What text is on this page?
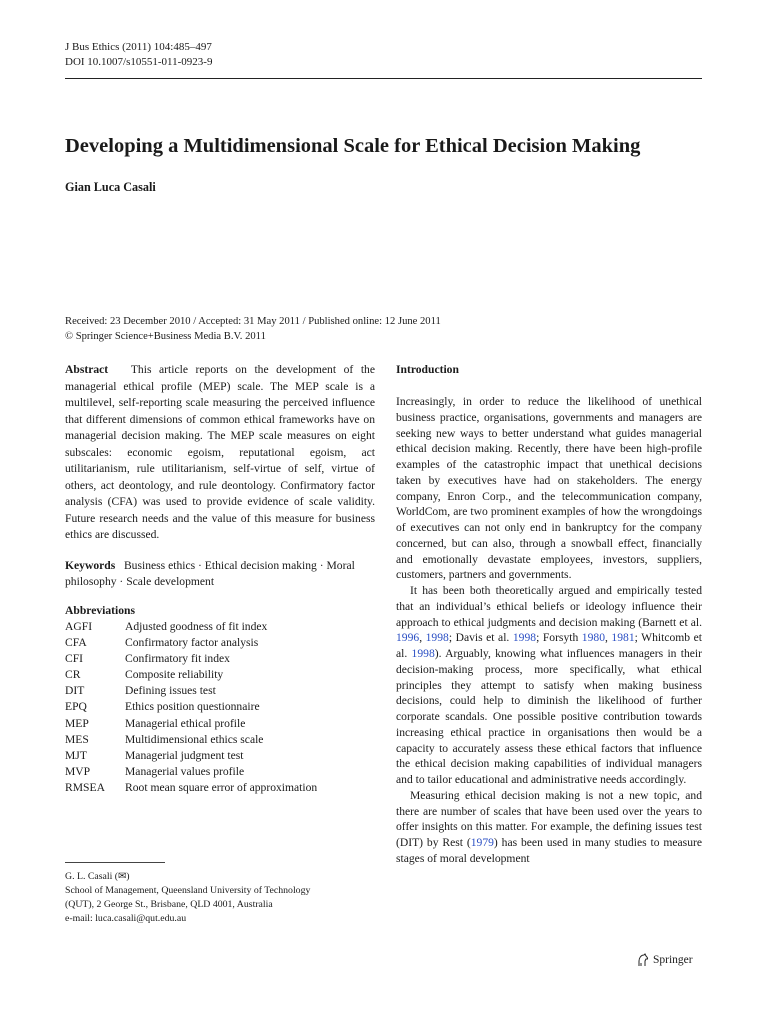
J Bus Ethics (2011) 104:485–497
DOI 10.1007/s10551-011-0923-9
Developing a Multidimensional Scale for Ethical Decision Making
Gian Luca Casali
Received: 23 December 2010 / Accepted: 31 May 2011 / Published online: 12 June 2011
© Springer Science+Business Media B.V. 2011

Abstract This article reports on the development of the managerial ethical profile (MEP) scale. The MEP scale is a multilevel, self-reporting scale measuring the perceived influence that different dimensions of common ethical frameworks have on managerial decision making. The MEP scale measures on eight subscales: economic egoism, reputational egoism, act utilitarianism, rule utilitarianism, self-virtue of self, virtue of others, act deontology, and rule deontology. Confirmatory factor analysis (CFA) was used to provide evidence of scale validity. Future research needs and the value of this measure for business ethics are discussed.

Keywords Business ethics · Ethical decision making · Moral philosophy · Scale development
Abbreviations
AGFI	Adjusted goodness of fit index
CFA	Confirmatory factor analysis
CFI	Confirmatory fit index
CR	Composite reliability
DIT	Defining issues test
EPQ	Ethics position questionnaire
MEP	Managerial ethical profile
MES	Multidimensional ethics scale
MJT	Managerial judgment test
MVP	Managerial values profile
RMSEA	Root mean square error of approximation
G. L. Casali (✉)
School of Management, Queensland University of Technology
(QUT), 2 George St., Brisbane, QLD 4001, Australia
e-mail: luca.casali@qut.edu.au
Introduction

Increasingly, in order to reduce the likelihood of unethical business practice, organisations, governments and managers are seeking new ways to better understand what guides managerial ethical decision making. Recently, there have been high-profile examples of the catastrophic impact that unethical decisions taken by executives have had on stakeholders. The energy company, Enron Corp., and the telecommunication company, WorldCom, are two prominent examples of how the wrongdoings of executives can not only end in bankruptcy for the company concerned, but can also, through a snowball effect, financially and emotionally devastate employees, investors, suppliers, customers, partners and governments.

It has been both theoretically argued and empirically tested that an individual’s ethical beliefs or ideology influence their approach to ethical judgments and decision making (Barnett et al. 1996, 1998; Davis et al. 1998; Forsyth 1980, 1981; Whitcomb et al. 1998). Arguably, knowing what influences managers in their decision-making process, more specifically, what ethical principles they attempt to satisfy when making business decisions, could help to diminish the likelihood of further corporate scandals. One possible positive contribution towards increasing ethical practice in organisations then would be a capacity to accurately assess these ethical factors that influence the ethical decision making capabilities of individual managers and to tailor educational and administrative needs accordingly.

Measuring ethical decision making is not a new topic, and there are number of scales that have been used over the years to offer insights on this matter. For example, the defining issues test (DIT) by Rest (1979) has been used in many studies to measure stages of moral development

Springer
